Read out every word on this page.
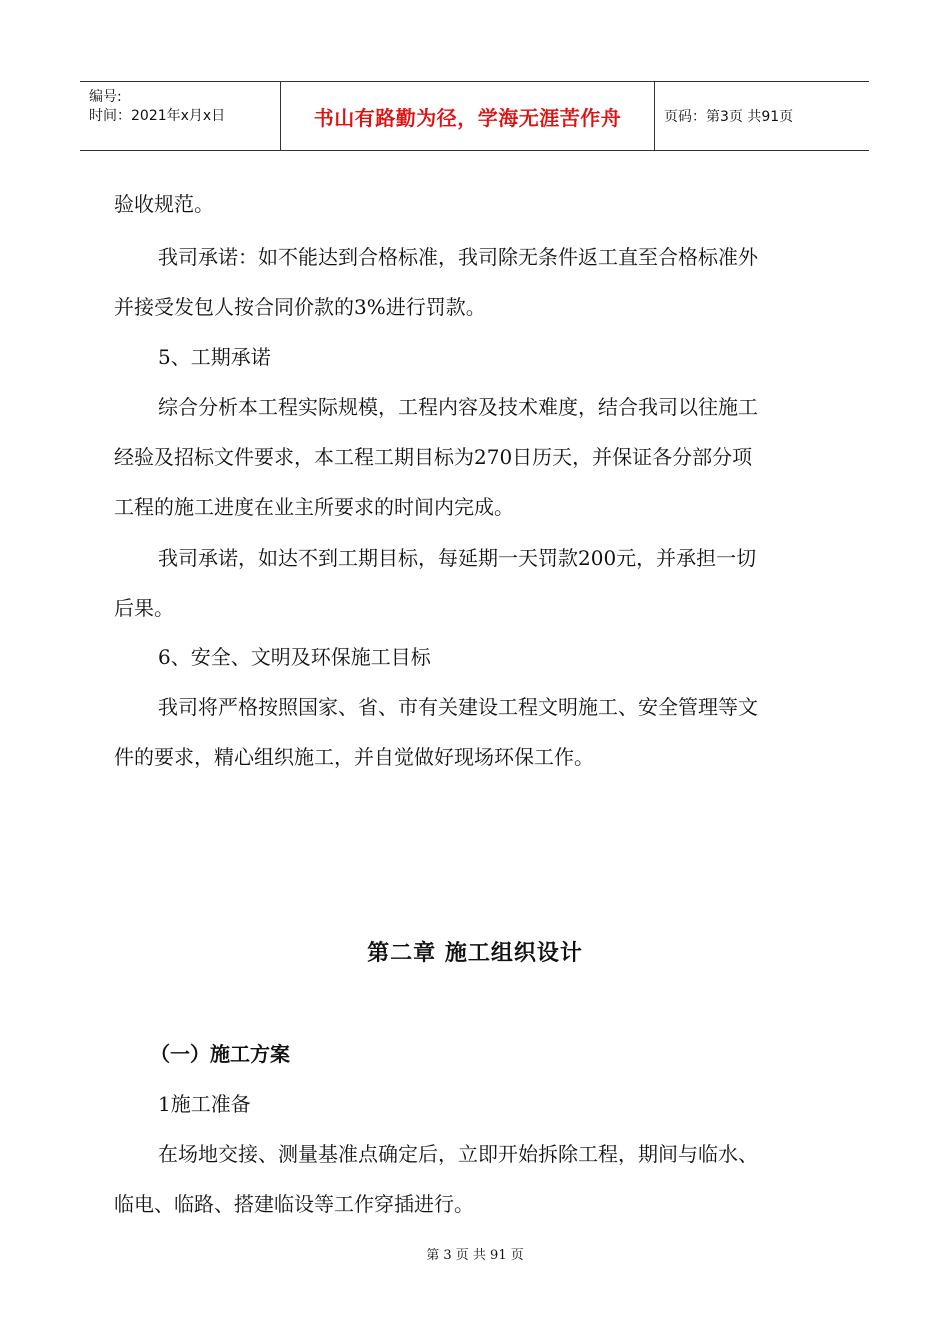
编号:
时间：2021年x月x日	书山有路勤为径，学海无涯苦作舟	页码：第3页 共91页
验收规范。
我司承诺：如不能达到合格标准，我司除无条件返工直至合格标准外
并接受发包人按合同价款的3%进行罚款。
5、工期承诺
综合分析本工程实际规模，工程内容及技术难度，结合我司以往施工
经验及招标文件要求，本工程工期目标为270日历天，并保证各分部分项
工程的施工进度在业主所要求的时间内完成。
我司承诺，如达不到工期目标，每延期一天罚款200元，并承担一切
后果。
6、安全、文明及环保施工目标
我司将严格按照国家、省、市有关建设工程文明施工、安全管理等文
件的要求，精心组织施工，并自觉做好现场环保工作。
第二章 施工组织设计
（一）施工方案
1施工准备
在场地交接、测量基准点确定后，立即开始拆除工程，期间与临水、
临电、临路、搭建临设等工作穿插进行。
第 3 页 共 91 页
